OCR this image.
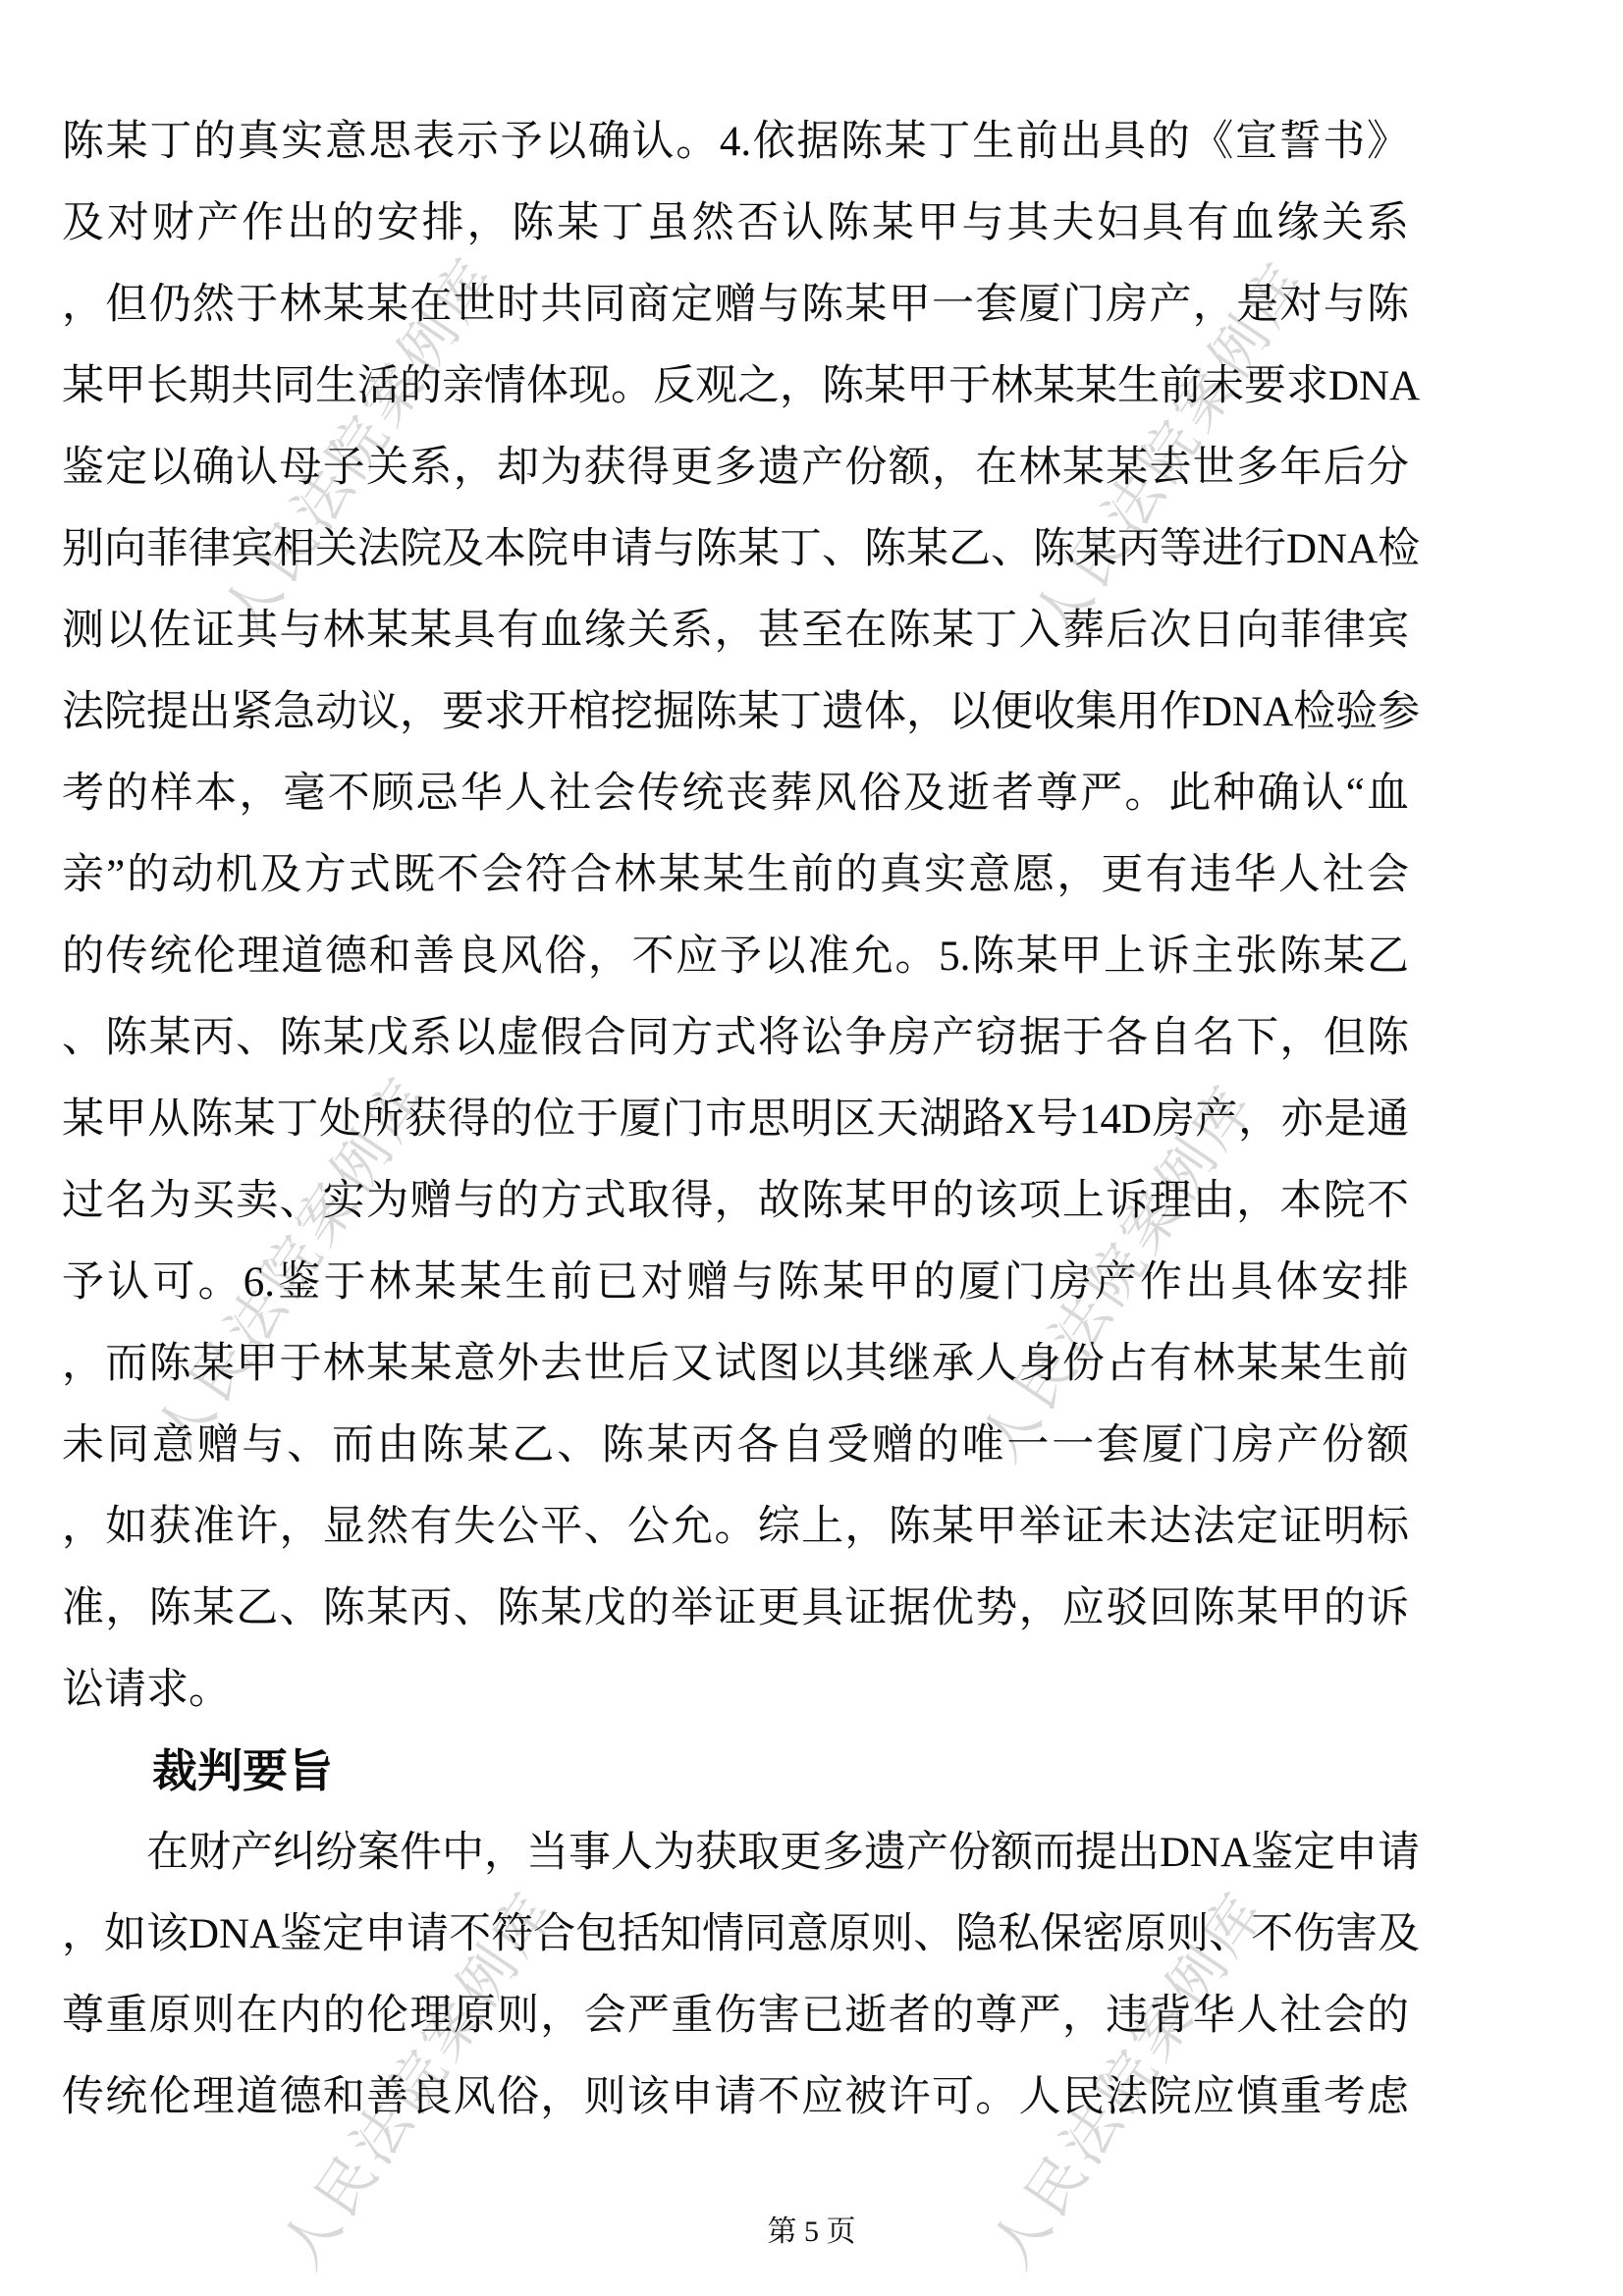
人民法院案例库	人民法院案例库
人民法院案例库	人民法院案例库
人民法院案例库	人民法院案例库
陈某丁的真实意思表示予以确认。4.依据陈某丁生前出具的《宣誓书》
及对财产作出的安排，陈某丁虽然否认陈某甲与其夫妇具有血缘关系
，但仍然于林某某在世时共同商定赠与陈某甲一套厦门房产，是对与陈
某甲长期共同生活的亲情体现。反观之，陈某甲于林某某生前未要求DNA
鉴定以确认母子关系，却为获得更多遗产份额，在林某某去世多年后分
别向菲律宾相关法院及本院申请与陈某丁、陈某乙、陈某丙等进行DNA检
测以佐证其与林某某具有血缘关系，甚至在陈某丁入葬后次日向菲律宾
法院提出紧急动议，要求开棺挖掘陈某丁遗体，以便收集用作DNA检验参
考的样本，毫不顾忌华人社会传统丧葬风俗及逝者尊严。此种确认“血
亲”的动机及方式既不会符合林某某生前的真实意愿，更有违华人社会
的传统伦理道德和善良风俗，不应予以准允。5.陈某甲上诉主张陈某乙
、陈某丙、陈某戊系以虚假合同方式将讼争房产窃据于各自名下，但陈
某甲从陈某丁处所获得的位于厦门市思明区天湖路X号14D房产，亦是通
过名为买卖、实为赠与的方式取得，故陈某甲的该项上诉理由，本院不
予认可。6.鉴于林某某生前已对赠与陈某甲的厦门房产作出具体安排
，而陈某甲于林某某意外去世后又试图以其继承人身份占有林某某生前
未同意赠与、而由陈某乙、陈某丙各自受赠的唯一一套厦门房产份额
，如获准许，显然有失公平、公允。综上，陈某甲举证未达法定证明标
准，陈某乙、陈某丙、陈某戊的举证更具证据优势，应驳回陈某甲的诉
讼请求。
　　裁判要旨
　　在财产纠纷案件中，当事人为获取更多遗产份额而提出DNA鉴定申请
，如该DNA鉴定申请不符合包括知情同意原则、隐私保密原则、不伤害及
尊重原则在内的伦理原则，会严重伤害已逝者的尊严，违背华人社会的
传统伦理道德和善良风俗，则该申请不应被许可。人民法院应慎重考虑
第 5 页
